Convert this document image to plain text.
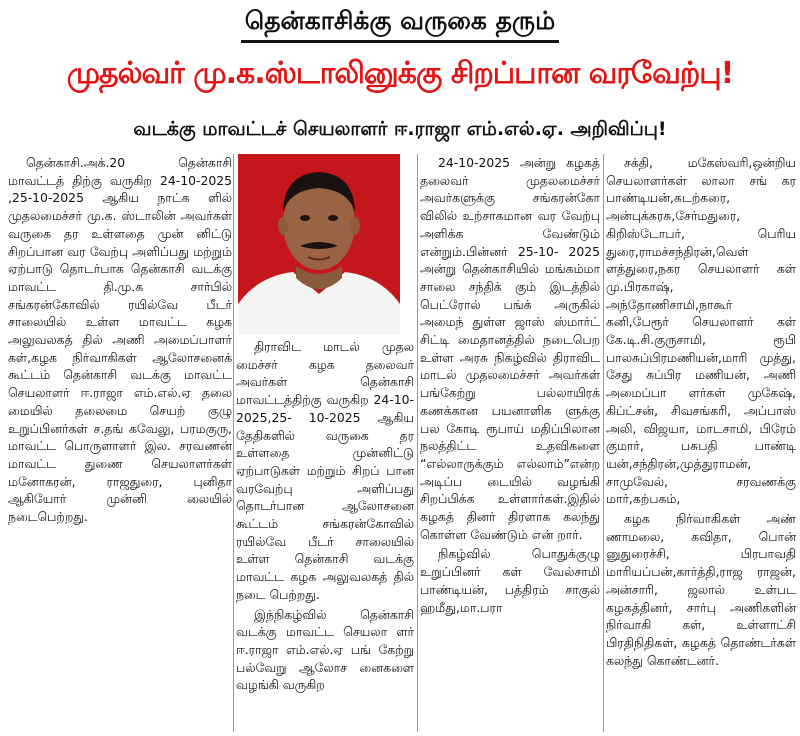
தென்காசிக்கு வருகை தரும்
முதல்வர் மு.க.ஸ்டாலினுக்கு சிறப்பான வரவேற்பு!
வடக்கு மாவட்டச் செயலாளர் ஈ.ராஜா எம்.எல்.ஏ. அறிவிப்பு!

தென்காசி.அக்.20 தென்காசி மாவட்டத் திற்கு வருகிற 24-10-2025 ,25-10-2025 ஆகிய நாட்க ளில் முதலமைச்சர் மு.க. ஸ்டாலின் அவர்கள் வருகை தர உள்ளதை முன் னிட்டு சிறப்பான வர வேற்பு அளிப்பது மற்றும் ஏற்பாடு தொடர்பாக தென்காசி வடக்கு மாவட்ட தி.மு.க சார்பில் சங்கரன்கோவில் ரயில்வே பீடர் சாலையில் உள்ள மாவட்ட கழக அலுவலகத் தில் அணி அமைப்பாளர் கள்,கழக நிர்வாகிகள் ஆலோசனைக் கூட்டம் தென்காசி வடக்கு மாவட்ட செயலாளர் ஈ.ராஜா எம்.எல்.ஏ தலை மையில் தலைமை செயற் குழு உறுப்பினர்கள் ச.தங் கவேலு, பரமகுரு, மாவட்ட பொருளாளர் இல. சரவணன் மாவட்ட துணை செயலாளர்கள் மனோகரன், ராஜதுரை, புனிதா ஆகியோர் முன்னி லையில் நடைபெற்றது.

திராவிட மாடல் முதல மைச்சர் கழக தலைவர் அவர்கள் தென்காசி மாவட்டத்திற்கு வருகிற 24-10-2025,25- 10-2025 ஆகிய தேதிகளில் வருகை தர உள்ளதை முன்னிட்டு ஏற்பாடுகள் மற்றும் சிறப் பான வரவேற்பு அளிப்பது தொடர்பான ஆலோசனை கூட்டம் சங்கரன்கோவில் ரயில்வே பீடர் சாலையில் உள்ள தென்காசி வடக்கு மாவட்ட கழக அலுவலகத் தில் நடை பெற்றது.

இந்நிகழ்வில் தென்காசி வடக்கு மாவட்ட செயலா ளர் ஈ.ராஜா எம்.எல்.ஏ பங் கேற்று பல்வேறு ஆலோச னைகளை வழங்கி வருகிற

24-10-2025 அன்று கழகத் தலைவர் முதலமைச்சர் அவர்களுக்கு சங்கரன்கோ விலில் உற்சாகமான வர வேற்பு அளிக்க வேண்டும் என்றும்.பின்னர் 25-10- 2025 அன்று தென்காசியில் மங்கம்மா சாலை சந்திக் கும் இடத்தில் பெட்ரோல் பங்க் அருகில் அமைந் துள்ள ஜாஸ் ஸ்மார்ட் சிட்டி மைதானத்தில் நடைபெற உள்ள அரசு நிகழ்வில் திராவிட மாடல் முதலமைச்சர் அவர்கள் பங்கேற்று பல்லாயிரக் கணக்கான பயனாளிக ளுக்கு பல கோடி ரூபாய் மதிப்பிலான நலத்திட்ட உதவிகளை “எல்லாருக்கும் எல்லாம்”என்ற அடிப்ப டையில் வழங்கி சிறப்பிக்க உள்ளார்கள்.இதில் கழகத் தினர் திரளாக கலந்து கொள்ள வேண்டும் என் றார்.

நிகழ்வில் பொதுக்குழு உறுப்பினர் கள் வேல்சாமி பாண்டியன், பத்திரம் சாகுல் ஹமீது,மா.பரா

சக்தி, மகேஸ்வரி,ஒன்றிய செயலாளர்கள் லாலா சங் கர பாண்டியன்,கடற்கரை, அன்புக்கரசு,சேர்மதுரை, கிறிஸ்டோபர், பெரிய துரை,ராமச்சந்திரன்,வெள் ளத்துரை,நகர செயலாளர் கள் மு.பிரகாஷ், அந்தோணிசாமி,நாகூர் கனி,பேரூர் செயலாளர் கள் கே.டி.சி.குருசாமி, ரூபி பாலசுப்பிரமணியன்,மாரி முத்து, சேது சுப்பிர மணியன், அணி அமைப்பா ளர்கள் முகேஷ், கிப்ட்சன், சிவசங்கரி, அப்பாஸ் அலி, விஜயா, மாடசாமி, பிரேம் குமார், பசுபதி பாண்டி யன்,சந்திரன்,முத்துராமன், சாமுவேல், சரவணக்கு மார்,கற்பகம்,

கழக நிர்வாகிகள் அண் ணாமலை, கவிதா, பொன் னுதுரைச்சி, பிரபாவதி மாரியப்பன்,கார்த்தி,ராஜ ராஜன், அன்சாரி, ஜலால் உள்பட கழகத்தினர், சார்பு அணிகளின் நிர்வாகி கள், உள்ளாட்சி பிரதிநிதிகள், கழகத் தொண்டர்கள் கலந்து கொண்டனர்.
